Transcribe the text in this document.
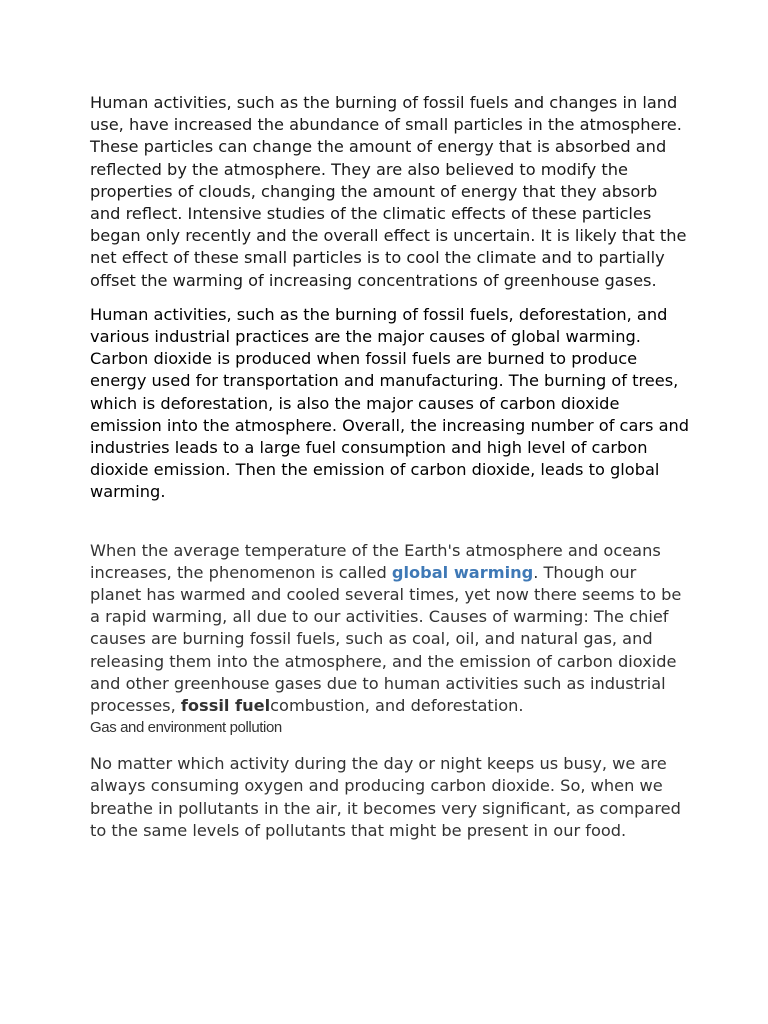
Human activities, such as the burning of fossil fuels and changes in land use, have increased the abundance of small particles in the atmosphere. These particles can change the amount of energy that is absorbed and reflected by the atmosphere. They are also believed to modify the properties of clouds, changing the amount of energy that they absorb and reflect. Intensive studies of the climatic effects of these particles began only recently and the overall effect is uncertain. It is likely that the net effect of these small particles is to cool the climate and to partially offset the warming of increasing concentrations of greenhouse gases.

Human activities, such as the burning of fossil fuels, deforestation, and various industrial practices are the major causes of global warming. Carbon dioxide is produced when fossil fuels are burned to produce energy used for transportation and manufacturing. The burning of trees, which is deforestation, is also the major causes of carbon dioxide emission into the atmosphere. Overall, the increasing number of cars and industries leads to a large fuel consumption and high level of carbon dioxide emission. Then the emission of carbon dioxide, leads to global warming.

When the average temperature of the Earth's atmosphere and oceans increases, the phenomenon is called global warming. Though our planet has warmed and cooled several times, yet now there seems to be a rapid warming, all due to our activities. Causes of warming: The chief causes are burning fossil fuels, such as coal, oil, and natural gas, and releasing them into the atmosphere, and the emission of carbon dioxide and other greenhouse gases due to human activities such as industrial processes, fossil fuelcombustion, and deforestation.

Gas and environment pollution

No matter which activity during the day or night keeps us busy, we are always consuming oxygen and producing carbon dioxide. So, when we breathe in pollutants in the air, it becomes very significant, as compared to the same levels of pollutants that might be present in our food.
